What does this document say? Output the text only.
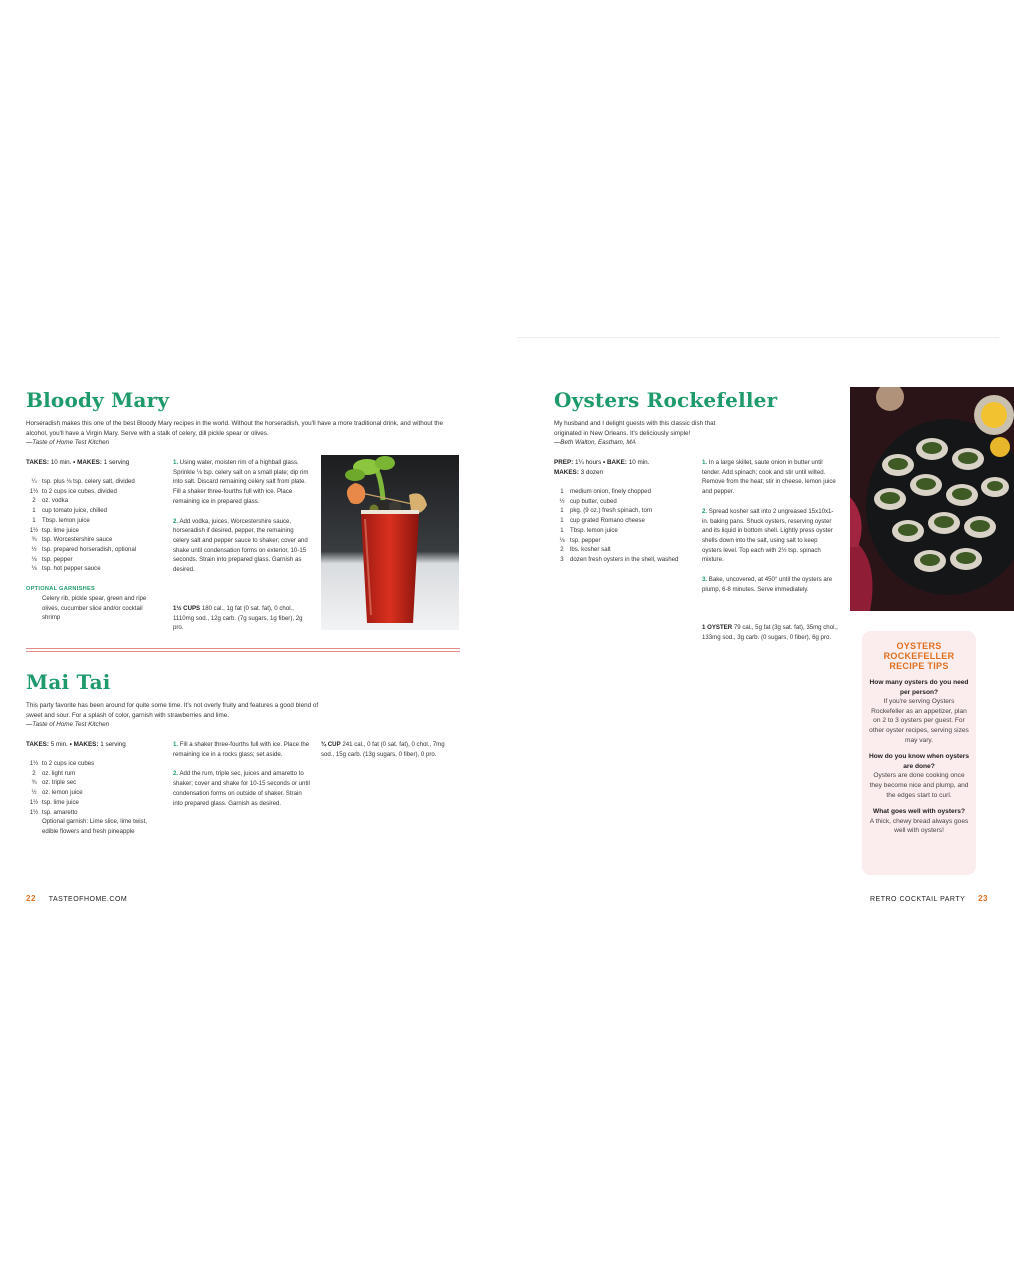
Bloody Mary
Horseradish makes this one of the best Bloody Mary recipes in the world. Without the horseradish, you'll have a more traditional drink, and without the alcohol, you'll have a Virgin Mary. Serve with a stalk of celery, dill pickle spear or olives.
—Taste of Home Test Kitchen
TAKES: 10 min. • MAKES: 1 serving
¼ tsp. plus ⅛ tsp. celery salt, divided
1½ to 2 cups ice cubes, divided
2	oz. vodka
1	cup tomato juice, chilled
1	Tbsp. lemon juice
1½ tsp. lime juice
¾ tsp. Worcestershire sauce
½ tsp. prepared horseradish, optional
⅛ tsp. pepper
⅛ tsp. hot pepper sauce
OPTIONAL GARNISHES
Celery rib, pickle spear, green and ripe olives, cucumber slice and/or cocktail shrimp
1. Using water, moisten rim of a highball glass. Sprinkle ⅛ tsp. celery salt on a small plate; dip rim into salt. Discard remaining celery salt from plate. Fill a shaker three-fourths full with ice. Place remaining ice in prepared glass.
2. Add vodka, juices, Worcestershire sauce, horseradish if desired, pepper, the remaining celery salt and pepper sauce to shaker; cover and shake until condensation forms on exterior, 10-15 seconds. Strain into prepared glass. Garnish as desired.
1½ CUPS 180 cal., 1g fat (0 sat. fat), 0 chol., 1110mg sod., 12g carb. (7g sugars, 1g fiber), 2g pro.
Mai Tai
This party favorite has been around for quite some time. It's not overly fruity and features a good blend of sweet and sour. For a splash of color, garnish with strawberries and lime.
—Taste of Home Test Kitchen
TAKES: 5 min. • MAKES: 1 serving
1½ to 2 cups ice cubes
2	oz. light rum
¾ oz. triple sec
½ oz. lemon juice
1½ tsp. lime juice
1½ tsp. amaretto
Optional garnish: Lime slice, lime twist, edible flowers and fresh pineapple
1. Fill a shaker three-fourths full with ice. Place the remaining ice in a rocks glass; set aside.
2. Add the rum, triple sec, juices and amaretto to shaker; cover and shake for 10-15 seconds or until condensation forms on outside of shaker. Strain into prepared glass. Garnish as desired.
¾ CUP 241 cal., 0 fat (0 sat. fat), 0 chol., 7mg sod., 15g carb. (13g sugars, 0 fiber), 0 pro.
22 TASTEOFHOME.COM
Oysters Rockefeller
My husband and I delight guests with this classic dish that originated in New Orleans. It's deliciously simple!
—Beth Walton, Eastham, MA
PREP: 1¼ hours • BAKE: 10 min.
MAKES: 3 dozen
1	medium onion, finely chopped
½ cup butter, cubed
1	pkg. (9 oz.) fresh spinach, torn
1	cup grated Romano cheese
1	Tbsp. lemon juice
⅛ tsp. pepper
2	lbs. kosher salt
3	dozen fresh oysters in the shell, washed
1. In a large skillet, saute onion in butter until tender. Add spinach; cook and stir until wilted. Remove from the heat; stir in cheese, lemon juice and pepper.
2. Spread kosher salt into 2 ungreased 15x10x1-in. baking pans. Shuck oysters, reserving oyster and its liquid in bottom shell. Lightly press oyster shells down into the salt, using salt to keep oysters level. Top each with 2½ tsp. spinach mixture.
3. Bake, uncovered, at 450° until the oysters are plump, 6-8 minutes. Serve immediately.
1 OYSTER 79 cal., 5g fat (3g sat. fat), 35mg chol., 133mg sod., 3g carb. (0 sugars, 0 fiber), 6g pro.
OYSTERS ROCKEFELLER RECIPE TIPS
How many oysters do you need per person?
If you're serving Oysters Rockefeller as an appetizer, plan on 2 to 3 oysters per guest. For other oyster recipes, serving sizes may vary.
How do you know when oysters are done?
Oysters are done cooking once they become nice and plump, and the edges start to curl.
What goes well with oysters?
A thick, chewy bread always goes well with oysters!
RETRO COCKTAIL PARTY 23
